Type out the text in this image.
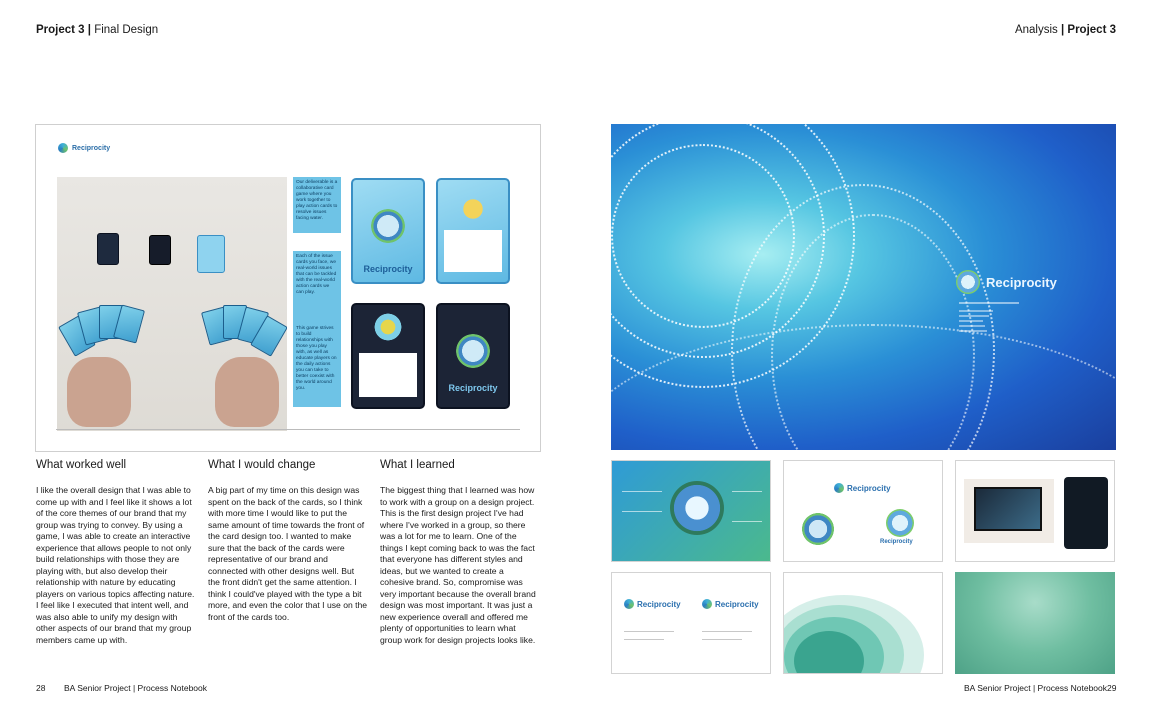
Project 3 | Final Design	Analysis | Project 3
Reciprocity
Our deliverable is a collaborative card game where you work together to play action cards to resolve issues facing water.
Each of the issue cards you face, we real-world issues that can be tackled with the real-world action cards we can play.
This game strives to build relationships with those you play with, as well as educate players on the daily actions you can take to better coexist with the world around you.
Reciprocity
Reciprocity
What worked well

I like the overall design that I was able to come up with and I feel like it shows a lot of the core themes of our brand that my group was trying to convey. By using a game, I was able to create an interactive experience that allows people to not only build relationships with those they are playing with, but also develop their relationship with nature by educating players on various topics affecting nature. I feel like I executed that intent well, and was also able to unify my design with other aspects of our brand that my group members came up with.

What I would change

A big part of my time on this design was spent on the back of the cards, so I think with more time I would like to put the same amount of time towards the front of the card design too. I wanted to make sure that the back of the cards were representative of our brand and connected with other designs well. But the front didn't get the same attention. I think I could've played with the type a bit more, and even the color that I use on the front of the cards too.

What I learned

The biggest thing that I learned was how to work with a group on a design project. This is the first design project I've had where I've worked in a group, so there was a lot for me to learn. One of the things I kept coming back to was the fact that everyone has different styles and ideas, but we wanted to create a cohesive brand. So, compromise was very important because the overall brand design was most important. It was just a new experience overall and offered me plenty of opportunities to learn what group work for design projects looks like.

Reciprocity
Reciprocity
Reciprocity
Reciprocity	Reciprocity
28 BA Senior Project | Process Notebook	BA Senior Project | Process Notebook 29
